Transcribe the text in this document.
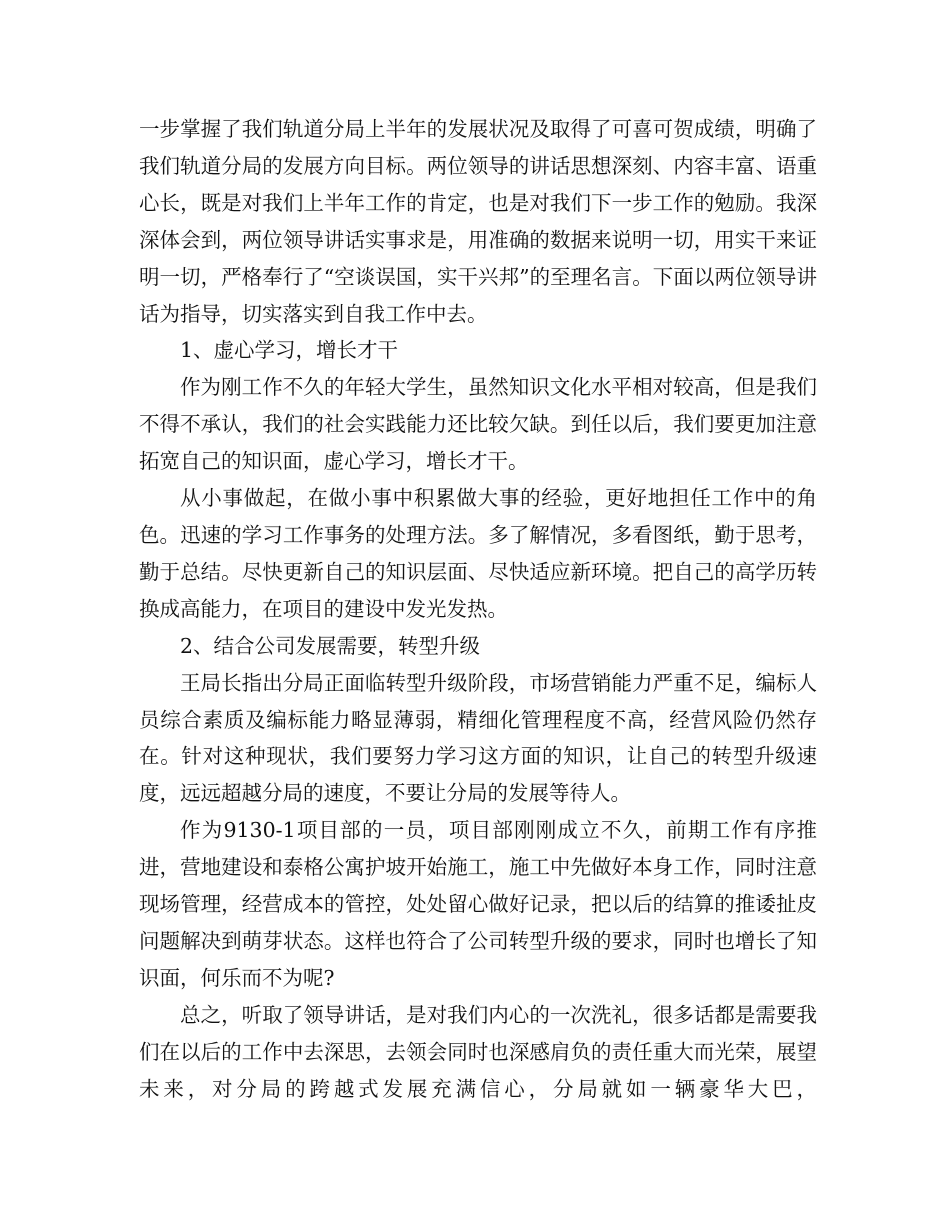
一步掌握了我们轨道分局上半年的发展状况及取得了可喜可贺成绩，明确了我们轨道分局的发展方向目标。两位领导的讲话思想深刻、内容丰富、语重心长，既是对我们上半年工作的肯定，也是对我们下一步工作的勉励。我深深体会到，两位领导讲话实事求是，用准确的数据来说明一切，用实干来证明一切，严格奉行了“空谈误国，实干兴邦”的至理名言。下面以两位领导讲话为指导，切实落实到自我工作中去。

1、虚心学习，增长才干

作为刚工作不久的年轻大学生，虽然知识文化水平相对较高，但是我们不得不承认，我们的社会实践能力还比较欠缺。到任以后，我们要更加注意拓宽自己的知识面，虚心学习，增长才干。

从小事做起，在做小事中积累做大事的经验，更好地担任工作中的角色。迅速的学习工作事务的处理方法。多了解情况，多看图纸，勤于思考，勤于总结。尽快更新自己的知识层面、尽快适应新环境。把自己的高学历转换成高能力，在项目的建设中发光发热。

2、结合公司发展需要，转型升级

王局长指出分局正面临转型升级阶段，市场营销能力严重不足，编标人员综合素质及编标能力略显薄弱，精细化管理程度不高，经营风险仍然存在。针对这种现状，我们要努力学习这方面的知识，让自己的转型升级速度，远远超越分局的速度，不要让分局的发展等待人。

作为9130-1项目部的一员，项目部刚刚成立不久，前期工作有序推进，营地建设和泰格公寓护坡开始施工，施工中先做好本身工作，同时注意现场管理，经营成本的管控，处处留心做好记录，把以后的结算的推诿扯皮问题解决到萌芽状态。这样也符合了公司转型升级的要求，同时也增长了知识面，何乐而不为呢?

总之，听取了领导讲话，是对我们内心的一次洗礼，很多话都是需要我们在以后的工作中去深思，去领会同时也深感肩负的责任重大而光荣，展望未来，对分局的跨越式发展充满信心，分局就如一辆豪华大巴，
